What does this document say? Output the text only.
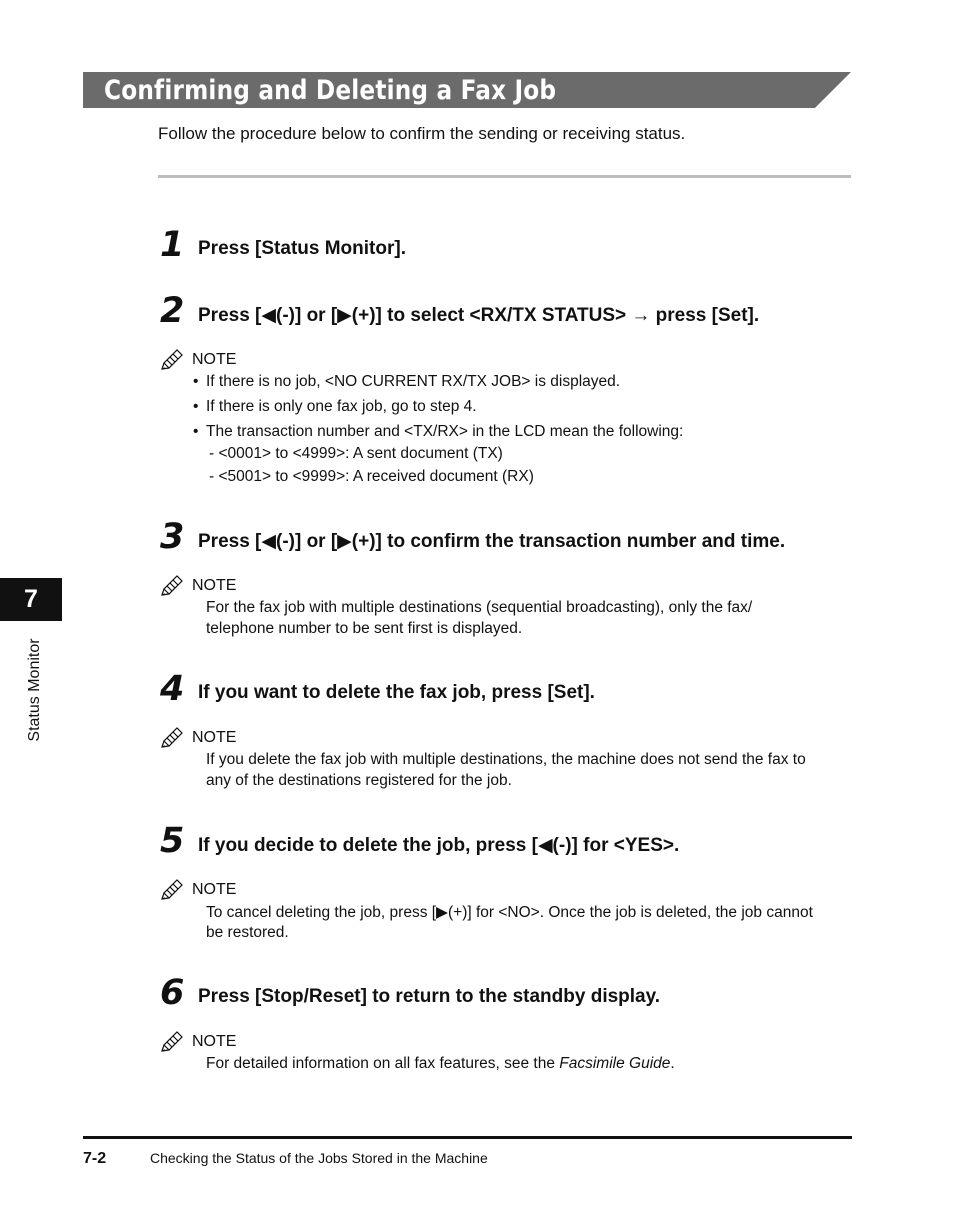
Confirming and Deleting a Fax Job
Follow the procedure below to confirm the sending or receiving status.
1 Press [Status Monitor].
2 Press [◀(-)] or [▶(+)] to select <RX/TX STATUS> → press [Set].
NOTE
• If there is no job, <NO CURRENT RX/TX JOB> is displayed.
• If there is only one fax job, go to step 4.
• The transaction number and <TX/RX> in the LCD mean the following:
- <0001> to <4999>: A sent document (TX)
- <5001> to <9999>: A received document (RX)
3 Press [◀(-)] or [▶(+)] to confirm the transaction number and time.
NOTE
For the fax job with multiple destinations (sequential broadcasting), only the fax/
telephone number to be sent first is displayed.
4 If you want to delete the fax job, press [Set].
NOTE
If you delete the fax job with multiple destinations, the machine does not send the fax to
any of the destinations registered for the job.
5 If you decide to delete the job, press [◀(-)] for <YES>.
NOTE
To cancel deleting the job, press [▶(+)] for <NO>. Once the job is deleted, the job cannot
be restored.
6 Press [Stop/Reset] to return to the standby display.
NOTE
For detailed information on all fax features, see the Facsimile Guide.
7
Status Monitor
7-2	Checking the Status of the Jobs Stored in the Machine
